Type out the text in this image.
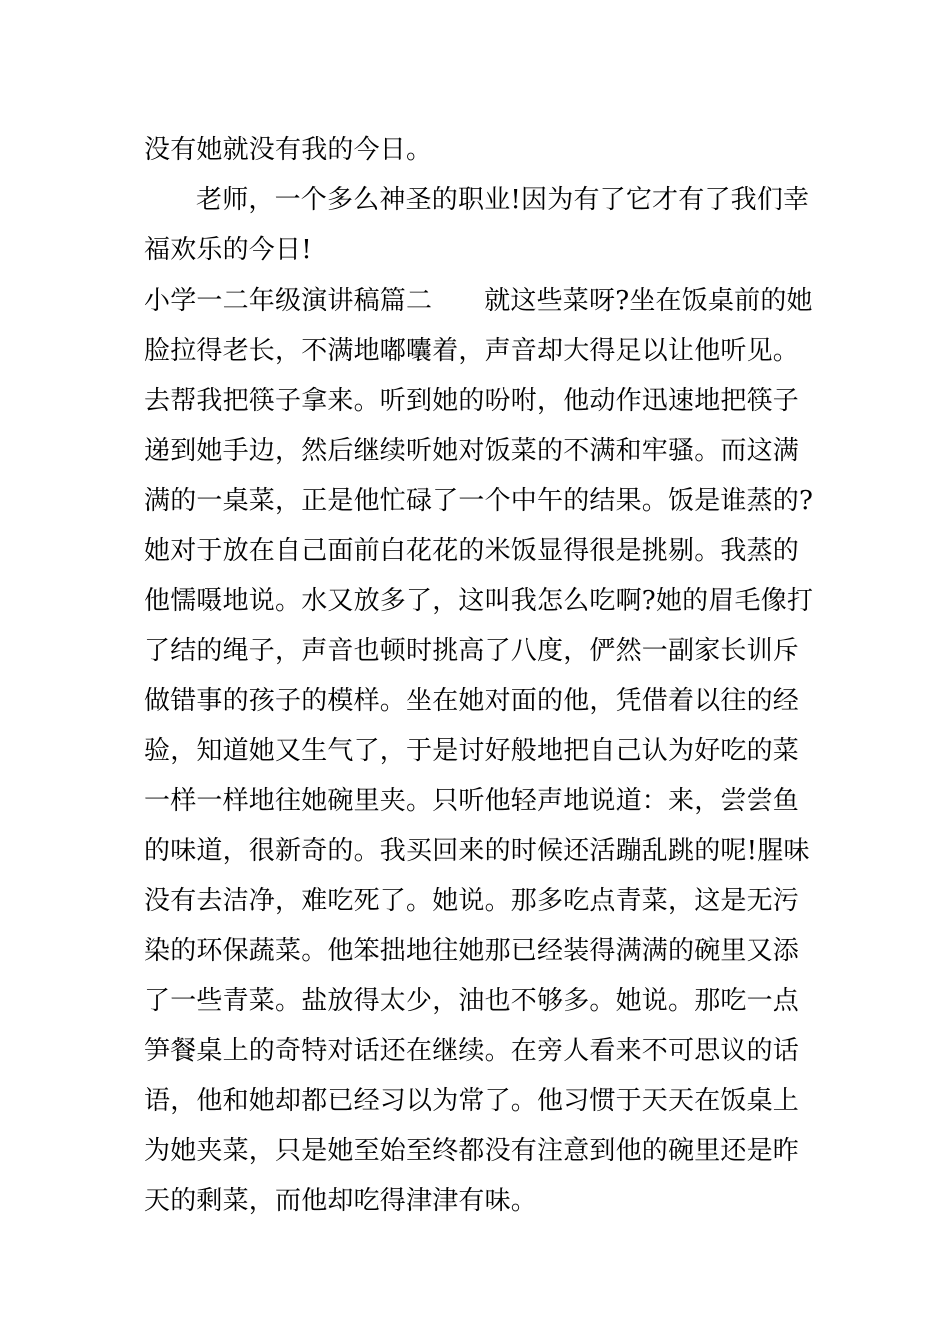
没有她就没有我的今日。
老师，一个多么神圣的职业!因为有了它才有了我们幸
福欢乐的今日!
小学一二年级演讲稿篇二 就这些菜呀?坐在饭桌前的她
脸拉得老长，不满地嘟囔着，声音却大得足以让他听见。
去帮我把筷子拿来。听到她的吩咐，他动作迅速地把筷子
递到她手边，然后继续听她对饭菜的不满和牢骚。而这满
满的一桌菜，正是他忙碌了一个中午的结果。饭是谁蒸的?
她对于放在自己面前白花花的米饭显得很是挑剔。我蒸的
他懦嗫地说。水又放多了，这叫我怎么吃啊?她的眉毛像打
了结的绳子，声音也顿时挑高了八度，俨然一副家长训斥
做错事的孩子的模样。坐在她对面的他，凭借着以往的经
验，知道她又生气了，于是讨好般地把自己认为好吃的菜
一样一样地往她碗里夹。只听他轻声地说道：来，尝尝鱼
的味道，很新奇的。我买回来的时候还活蹦乱跳的呢!腥味
没有去洁净，难吃死了。她说。那多吃点青菜，这是无污
染的环保蔬菜。他笨拙地往她那已经装得满满的碗里又添
了一些青菜。盐放得太少，油也不够多。她说。那吃一点
笋餐桌上的奇特对话还在继续。在旁人看来不可思议的话
语，他和她却都已经习以为常了。他习惯于天天在饭桌上
为她夹菜，只是她至始至终都没有注意到他的碗里还是昨
天的剩菜，而他却吃得津津有味。
